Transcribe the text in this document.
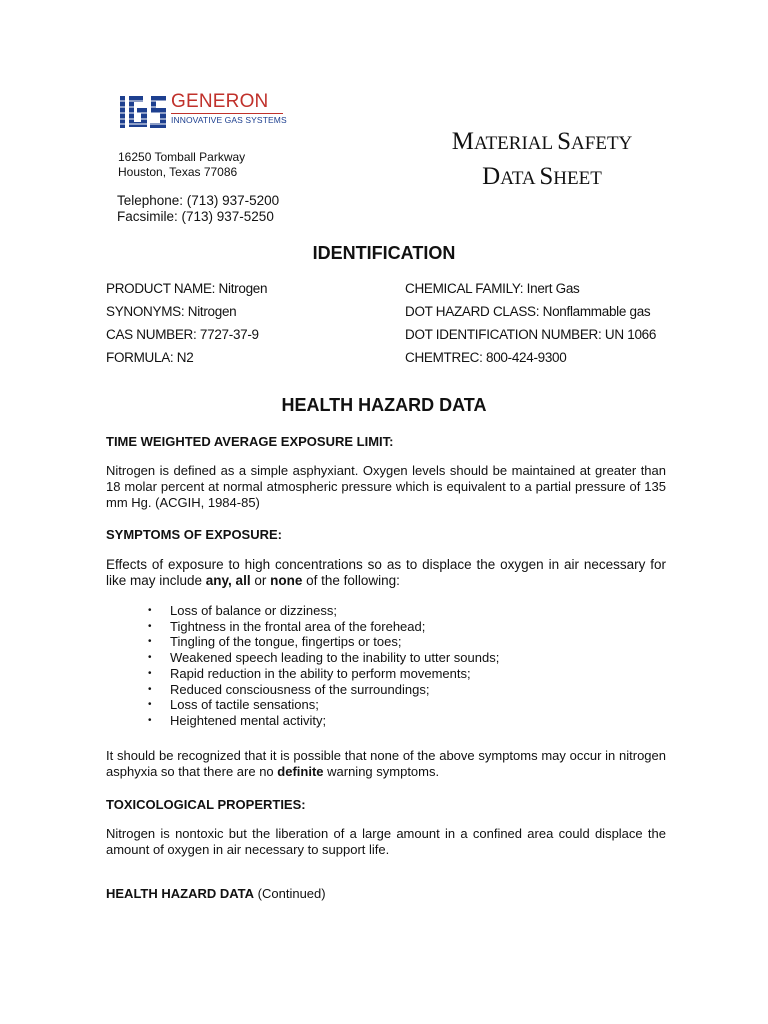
GENERON
INNOVATIVE GAS SYSTEMS
16250 Tomball Parkway
Houston, Texas 77086
Telephone: (713) 937-5200
Facsimile: (713) 937-5250
MATERIAL SAFETY
DATA SHEET
IDENTIFICATION
PRODUCT NAME: Nitrogen
SYNONYMS: Nitrogen
CAS NUMBER: 7727-37-9
FORMULA: N2
CHEMICAL FAMILY: Inert Gas
DOT HAZARD CLASS: Nonflammable gas
DOT IDENTIFICATION NUMBER: UN 1066
CHEMTREC: 800-424-9300
HEALTH HAZARD DATA
TIME WEIGHTED AVERAGE EXPOSURE LIMIT:
Nitrogen is defined as a simple asphyxiant. Oxygen levels should be maintained at greater than 18 molar percent at normal atmospheric pressure which is equivalent to a partial pressure of 135 mm Hg. (ACGIH, 1984-85)
SYMPTOMS OF EXPOSURE:
Effects of exposure to high concentrations so as to displace the oxygen in air necessary for like may include any, all or none of the following:
• Loss of balance or dizziness;
• Tightness in the frontal area of the forehead;
• Tingling of the tongue, fingertips or toes;
• Weakened speech leading to the inability to utter sounds;
• Rapid reduction in the ability to perform movements;
• Reduced consciousness of the surroundings;
• Loss of tactile sensations;
• Heightened mental activity;
It should be recognized that it is possible that none of the above symptoms may occur in nitrogen asphyxia so that there are no definite warning symptoms.
TOXICOLOGICAL PROPERTIES:
Nitrogen is nontoxic but the liberation of a large amount in a confined area could displace the amount of oxygen in air necessary to support life.
HEALTH HAZARD DATA (Continued)
